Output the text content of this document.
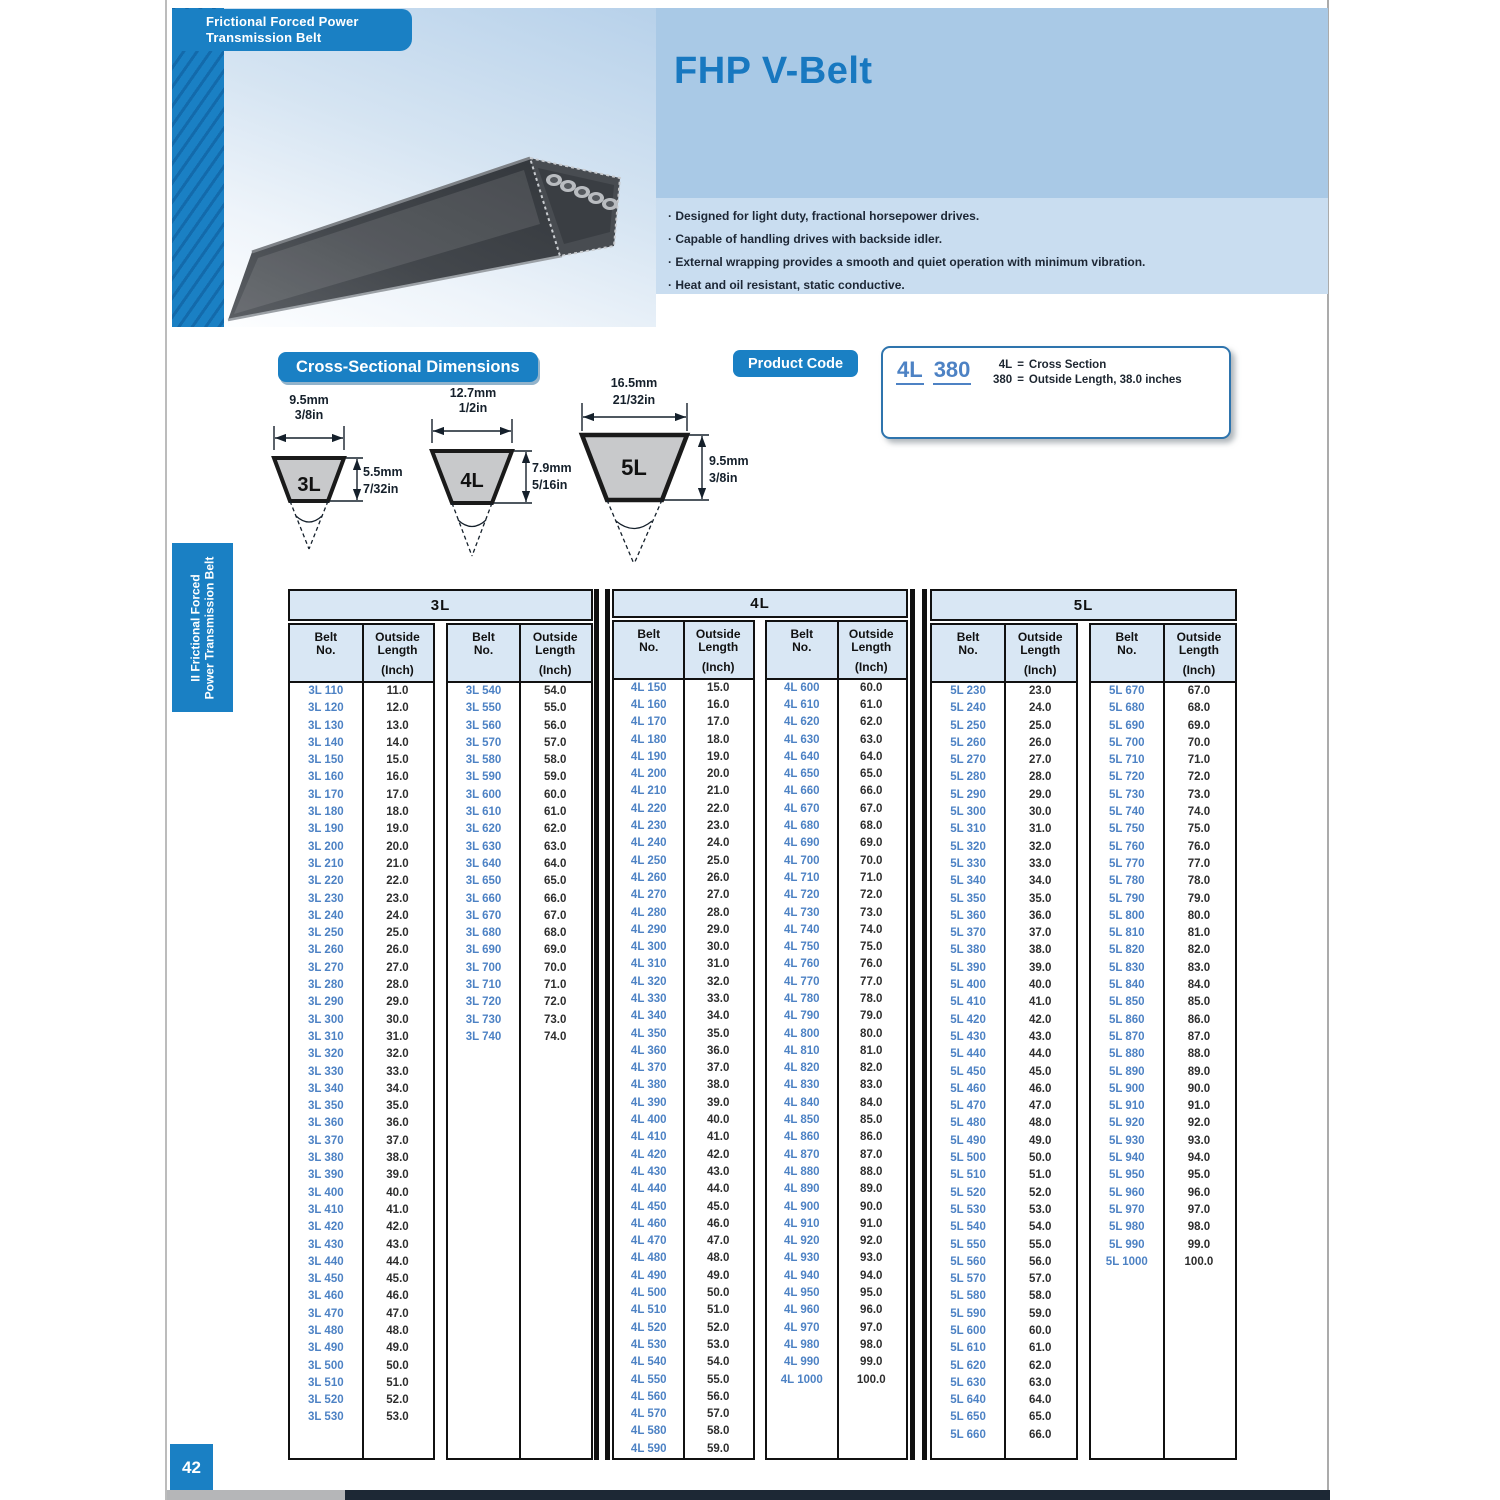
Frictional Forced Power
Transmission Belt
FHP V-Belt
· Designed for light duty, fractional horsepower drives.
· Capable of handling drives with backside idler.
· External wrapping provides a smooth and quiet operation with minimum vibration.
· Heat and oil resistant, static conductive.
II Frictional Forced
Power Transmission Belt
Cross-Sectional Dimensions
9.5mm
3/8in
3L
5.5mm
7/32in
12.7mm
1/2in
4L
7.9mm
5/16in
16.5mm
21/32in
5L	9.5mm
3/8in
Product Code	4L 380	4L = Cross Section
380 = Outside Length, 38.0 inches
3L
Belt
No.
Outside
Length
(Inch)
3L 110	11.0
3L 120	12.0
3L 130	13.0
3L 140	14.0
3L 150	15.0
3L 160	16.0
3L 170	17.0
3L 180	18.0
3L 190	19.0
3L 200	20.0
3L 210	21.0
3L 220	22.0
3L 230	23.0
3L 240	24.0
3L 250	25.0
3L 260	26.0
3L 270	27.0
3L 280	28.0
3L 290	29.0
3L 300	30.0
3L 310	31.0
3L 320	32.0
3L 330	33.0
3L 340	34.0
3L 350	35.0
3L 360	36.0
3L 370	37.0
3L 380	38.0
3L 390	39.0
3L 400	40.0
3L 410	41.0
3L 420	42.0
3L 430	43.0
3L 440	44.0
3L 450	45.0
3L 460	46.0
3L 470	47.0
3L 480	48.0
3L 490	49.0
3L 500	50.0
3L 510	51.0
3L 520	52.0
3L 530	53.0
Belt
No.
Outside
Length
(Inch)
3L 540	54.0
3L 550	55.0
3L 560	56.0
3L 570	57.0
3L 580	58.0
3L 590	59.0
3L 600	60.0
3L 610	61.0
3L 620	62.0
3L 630	63.0
3L 640	64.0
3L 650	65.0
3L 660	66.0
3L 670	67.0
3L 680	68.0
3L 690	69.0
3L 700	70.0
3L 710	71.0
3L 720	72.0
3L 730	73.0
3L 740	74.0
4L
Belt
No.
Outside
Length
(Inch)
4L 150	15.0
4L 160	16.0
4L 170	17.0
4L 180	18.0
4L 190	19.0
4L 200	20.0
4L 210	21.0
4L 220	22.0
4L 230	23.0
4L 240	24.0
4L 250	25.0
4L 260	26.0
4L 270	27.0
4L 280	28.0
4L 290	29.0
4L 300	30.0
4L 310	31.0
4L 320	32.0
4L 330	33.0
4L 340	34.0
4L 350	35.0
4L 360	36.0
4L 370	37.0
4L 380	38.0
4L 390	39.0
4L 400	40.0
4L 410	41.0
4L 420	42.0
4L 430	43.0
4L 440	44.0
4L 450	45.0
4L 460	46.0
4L 470	47.0
4L 480	48.0
4L 490	49.0
4L 500	50.0
4L 510	51.0
4L 520	52.0
4L 530	53.0
4L 540	54.0
4L 550	55.0
4L 560	56.0
4L 570	57.0
4L 580	58.0
4L 590	59.0
Belt
No.
Outside
Length
(Inch)
4L 600	60.0
4L 610	61.0
4L 620	62.0
4L 630	63.0
4L 640	64.0
4L 650	65.0
4L 660	66.0
4L 670	67.0
4L 680	68.0
4L 690	69.0
4L 700	70.0
4L 710	71.0
4L 720	72.0
4L 730	73.0
4L 740	74.0
4L 750	75.0
4L 760	76.0
4L 770	77.0
4L 780	78.0
4L 790	79.0
4L 800	80.0
4L 810	81.0
4L 820	82.0
4L 830	83.0
4L 840	84.0
4L 850	85.0
4L 860	86.0
4L 870	87.0
4L 880	88.0
4L 890	89.0
4L 900	90.0
4L 910	91.0
4L 920	92.0
4L 930	93.0
4L 940	94.0
4L 950	95.0
4L 960	96.0
4L 970	97.0
4L 980	98.0
4L 990	99.0
4L 1000	100.0
5L
Belt
No.
Outside
Length
(Inch)
5L 230	23.0
5L 240	24.0
5L 250	25.0
5L 260	26.0
5L 270	27.0
5L 280	28.0
5L 290	29.0
5L 300	30.0
5L 310	31.0
5L 320	32.0
5L 330	33.0
5L 340	34.0
5L 350	35.0
5L 360	36.0
5L 370	37.0
5L 380	38.0
5L 390	39.0
5L 400	40.0
5L 410	41.0
5L 420	42.0
5L 430	43.0
5L 440	44.0
5L 450	45.0
5L 460	46.0
5L 470	47.0
5L 480	48.0
5L 490	49.0
5L 500	50.0
5L 510	51.0
5L 520	52.0
5L 530	53.0
5L 540	54.0
5L 550	55.0
5L 560	56.0
5L 570	57.0
5L 580	58.0
5L 590	59.0
5L 600	60.0
5L 610	61.0
5L 620	62.0
5L 630	63.0
5L 640	64.0
5L 650	65.0
5L 660	66.0
Belt
No.
Outside
Length
(Inch)
5L 670	67.0
5L 680	68.0
5L 690	69.0
5L 700	70.0
5L 710	71.0
5L 720	72.0
5L 730	73.0
5L 740	74.0
5L 750	75.0
5L 760	76.0
5L 770	77.0
5L 780	78.0
5L 790	79.0
5L 800	80.0
5L 810	81.0
5L 820	82.0
5L 830	83.0
5L 840	84.0
5L 850	85.0
5L 860	86.0
5L 870	87.0
5L 880	88.0
5L 890	89.0
5L 900	90.0
5L 910	91.0
5L 920	92.0
5L 930	93.0
5L 940	94.0
5L 950	95.0
5L 960	96.0
5L 970	97.0
5L 980	98.0
5L 990	99.0
5L 1000	100.0
42
